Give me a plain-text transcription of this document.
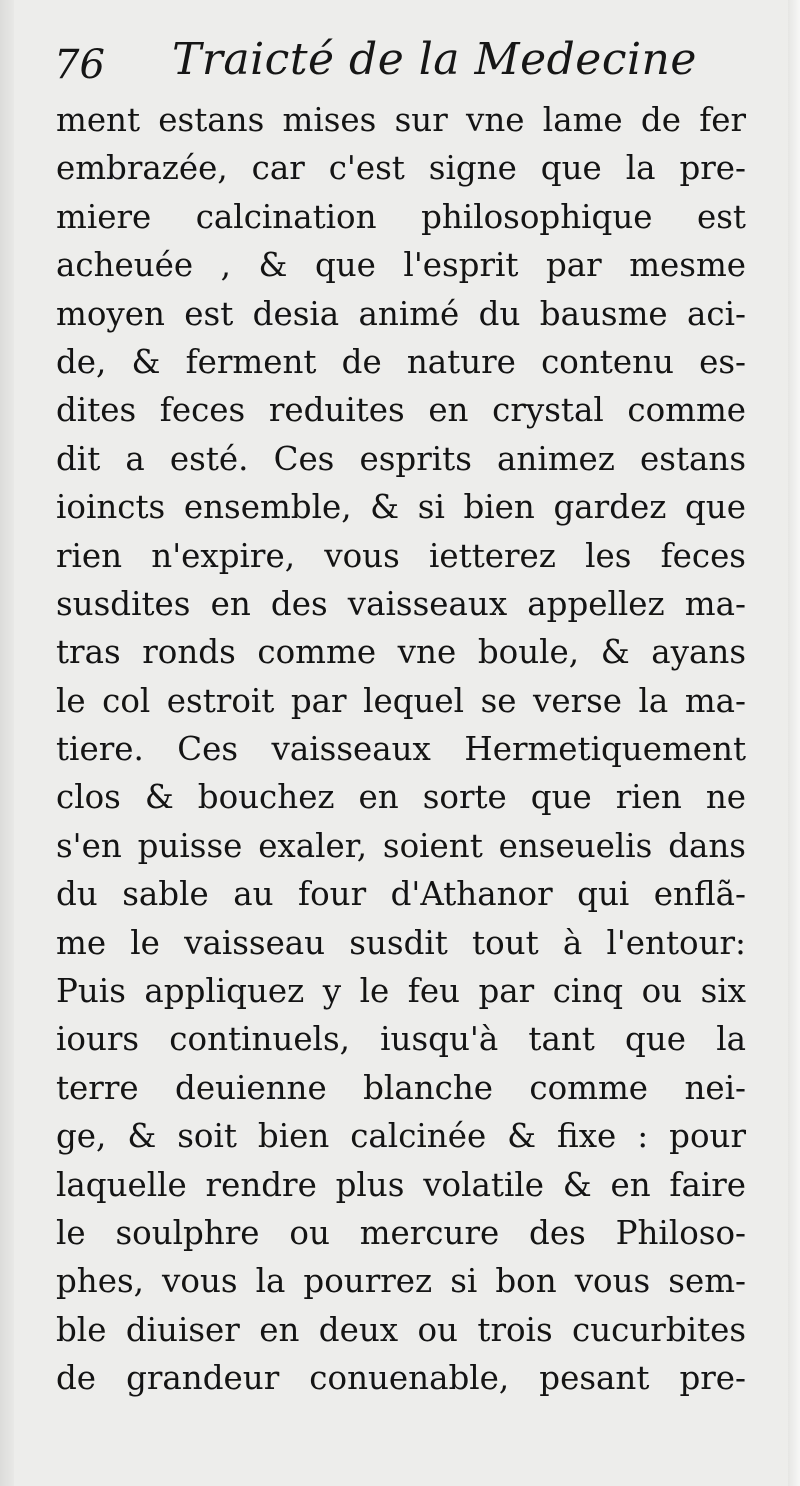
76 Traicté de la Medecine
ment estans mises sur vne lame de fer
embrazée, car c'est signe que la pre-
miere calcination philosophique est
acheuée , & que l'esprit par mesme
moyen est desia animé du bausme aci-
de, & ferment de nature contenu es-
dites feces reduites en crystal comme
dit a esté. Ces esprits animez estans
ioincts ensemble, & si bien gardez que
rien n'expire, vous ietterez les feces
susdites en des vaisseaux appellez ma-
tras ronds comme vne boule, & ayans
le col estroit par lequel se verse la ma-
tiere. Ces vaisseaux Hermetiquement
clos & bouchez en sorte que rien ne
s'en puisse exaler, soient enseuelis dans
du sable au four d'Athanor qui enflã-
me le vaisseau susdit tout à l'entour:
Puis appliquez y le feu par cinq ou six
iours continuels, iusqu'à tant que la
terre deuienne blanche comme nei-
ge, & soit bien calcinée & fixe : pour
laquelle rendre plus volatile & en faire
le soulphre ou mercure des Philoso-
phes, vous la pourrez si bon vous sem-
ble diuiser en deux ou trois cucurbites
de grandeur conuenable, pesant pre-
